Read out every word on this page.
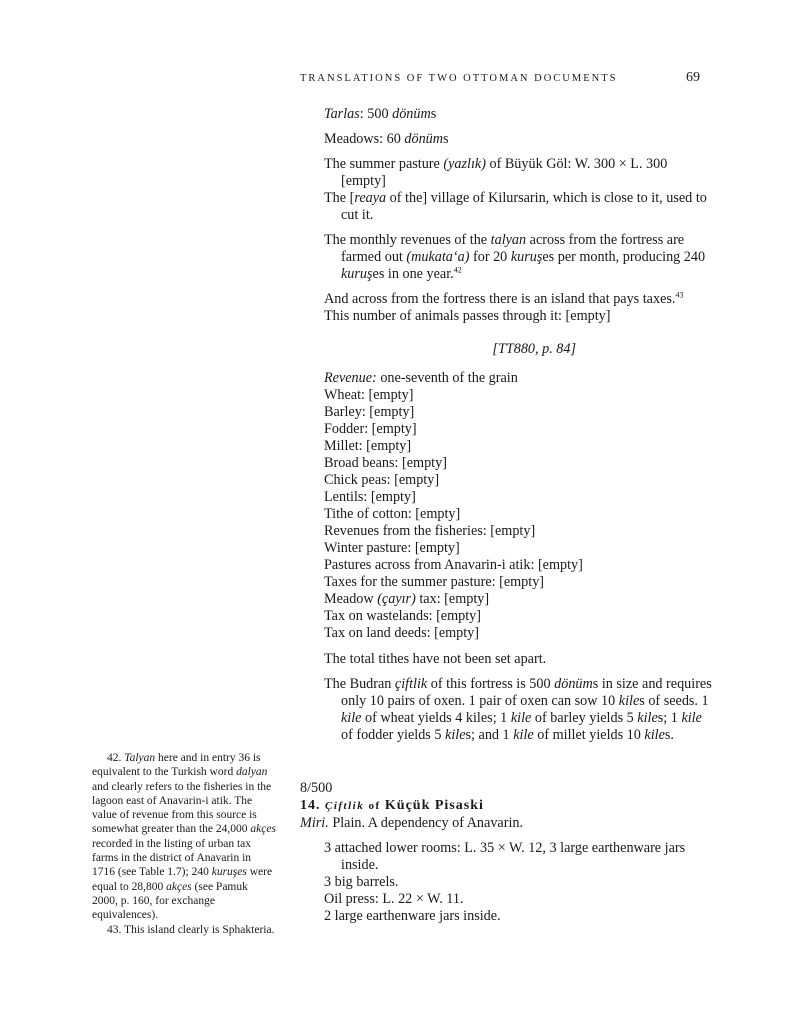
TRANSLATIONS OF TWO OTTOMAN DOCUMENTS	69

Tarlas: 500 dönüms

Meadows: 60 dönüms

The summer pasture (yazlık) of Büyük Göl: W. 300 × L. 300 [empty]

The [reaya of the] village of Kilursarin, which is close to it, used to cut it.

The monthly revenues of the talyan across from the fortress are farmed out (mukata‘a) for 20 kuruşes per month, producing 240 kuruşes in one year.$^{42}$

And across from the fortress there is an island that pays taxes.$^{43}$

This number of animals passes through it: [empty]

[TT880, p. 84]

Revenue: one-seventh of the grain
Wheat: [empty]
Barley: [empty]
Fodder: [empty]
Millet: [empty]
Broad beans: [empty]
Chick peas: [empty]
Lentils: [empty]
Tithe of cotton: [empty]
Revenues from the fisheries: [empty]
Winter pasture: [empty]
Pastures across from Anavarin-i atik: [empty]
Taxes for the summer pasture: [empty]
Meadow (çayır) tax: [empty]
Tax on wastelands: [empty]
Tax on land deeds: [empty]

The total tithes have not been set apart.

The Budran çiftlik of this fortress is 500 dönüms in size and requires only 10 pairs of oxen. 1 pair of oxen can sow 10 kiles of seeds. 1 kile of wheat yields 4 kiles; 1 kile of barley yields 5 kiles; 1 kile of fodder yields 5 kiles; and 1 kile of millet yields 10 kiles.

42. Talyan here and in entry 36 is equivalent to the Turkish word dalyan and clearly refers to the fisheries in the lagoon east of Anavarin-i atik. The value of revenue from this source is somewhat greater than the 24,000 akçes recorded in the listing of urban tax farms in the district of Anavarin in 1716 (see Table 1.7); 240 kuruşes were equal to 28,800 akçes (see Pamuk 2000, p. 160, for exchange equivalences).

43. This island clearly is Sphakteria.

8/500

14. Çiftlik of Küçük Pisaski

Miri. Plain. A dependency of Anavarin.
3 attached lower rooms: L. 35 × W. 12, 3 large earthenware jars inside.
3 big barrels.
Oil press: L. 22 × W. 11.
2 large earthenware jars inside.
